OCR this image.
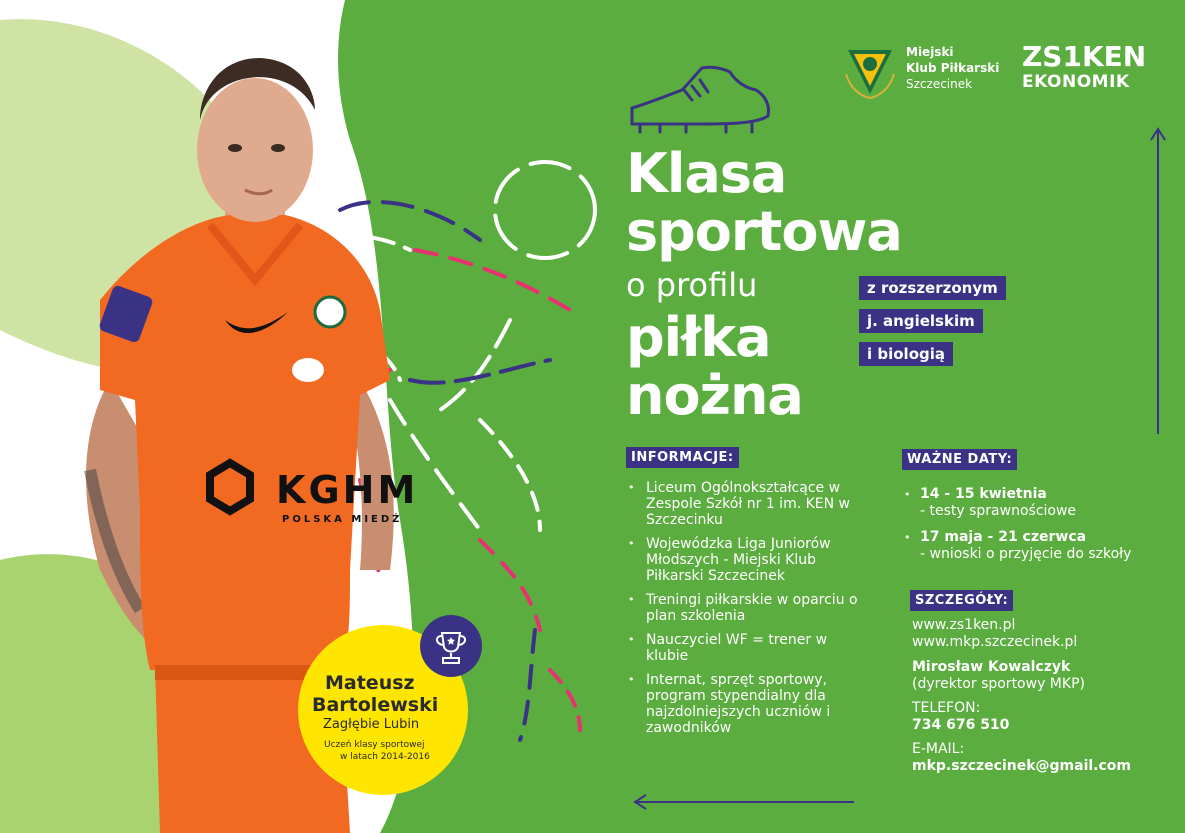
KGHM
POLSKA MIEDŹ
Mateusz
Bartolewski
Zagłębie Lubin
Uczeń klasy sportowej
w latach 2014-2016
Miejski
Klub Piłkarski
Szczecinek
ZS1KEN
EKONOMIK
Klasa
sportowa
o profilu
piłka
nożna
z rozszerzonym
j. angielskim
i biologią
INFORMACJE:
• Liceum Ogólnokształcące w Zespole Szkół nr 1 im. KEN w Szczecinku
• Wojewódzka Liga Juniorów Młodszych - Miejski Klub Piłkarski Szczecinek
• Treningi piłkarskie w oparciu o plan szkolenia
• Nauczyciel WF = trener w klubie
• Internat, sprzęt sportowy, program stypendialny dla najzdolniejszych uczniów i zawodników
WAŻNE DATY:
• 14 - 15 kwietnia
- testy sprawnościowe
• 17 maja - 21 czerwca
- wnioski o przyjęcie do szkoły
SZCZEGÓŁY:
www.zs1ken.pl
www.mkp.szczecinek.pl
Mirosław Kowalczyk
(dyrektor sportowy MKP)
TELEFON:
734 676 510
E-MAIL:
mkp.szczecinek@gmail.com
